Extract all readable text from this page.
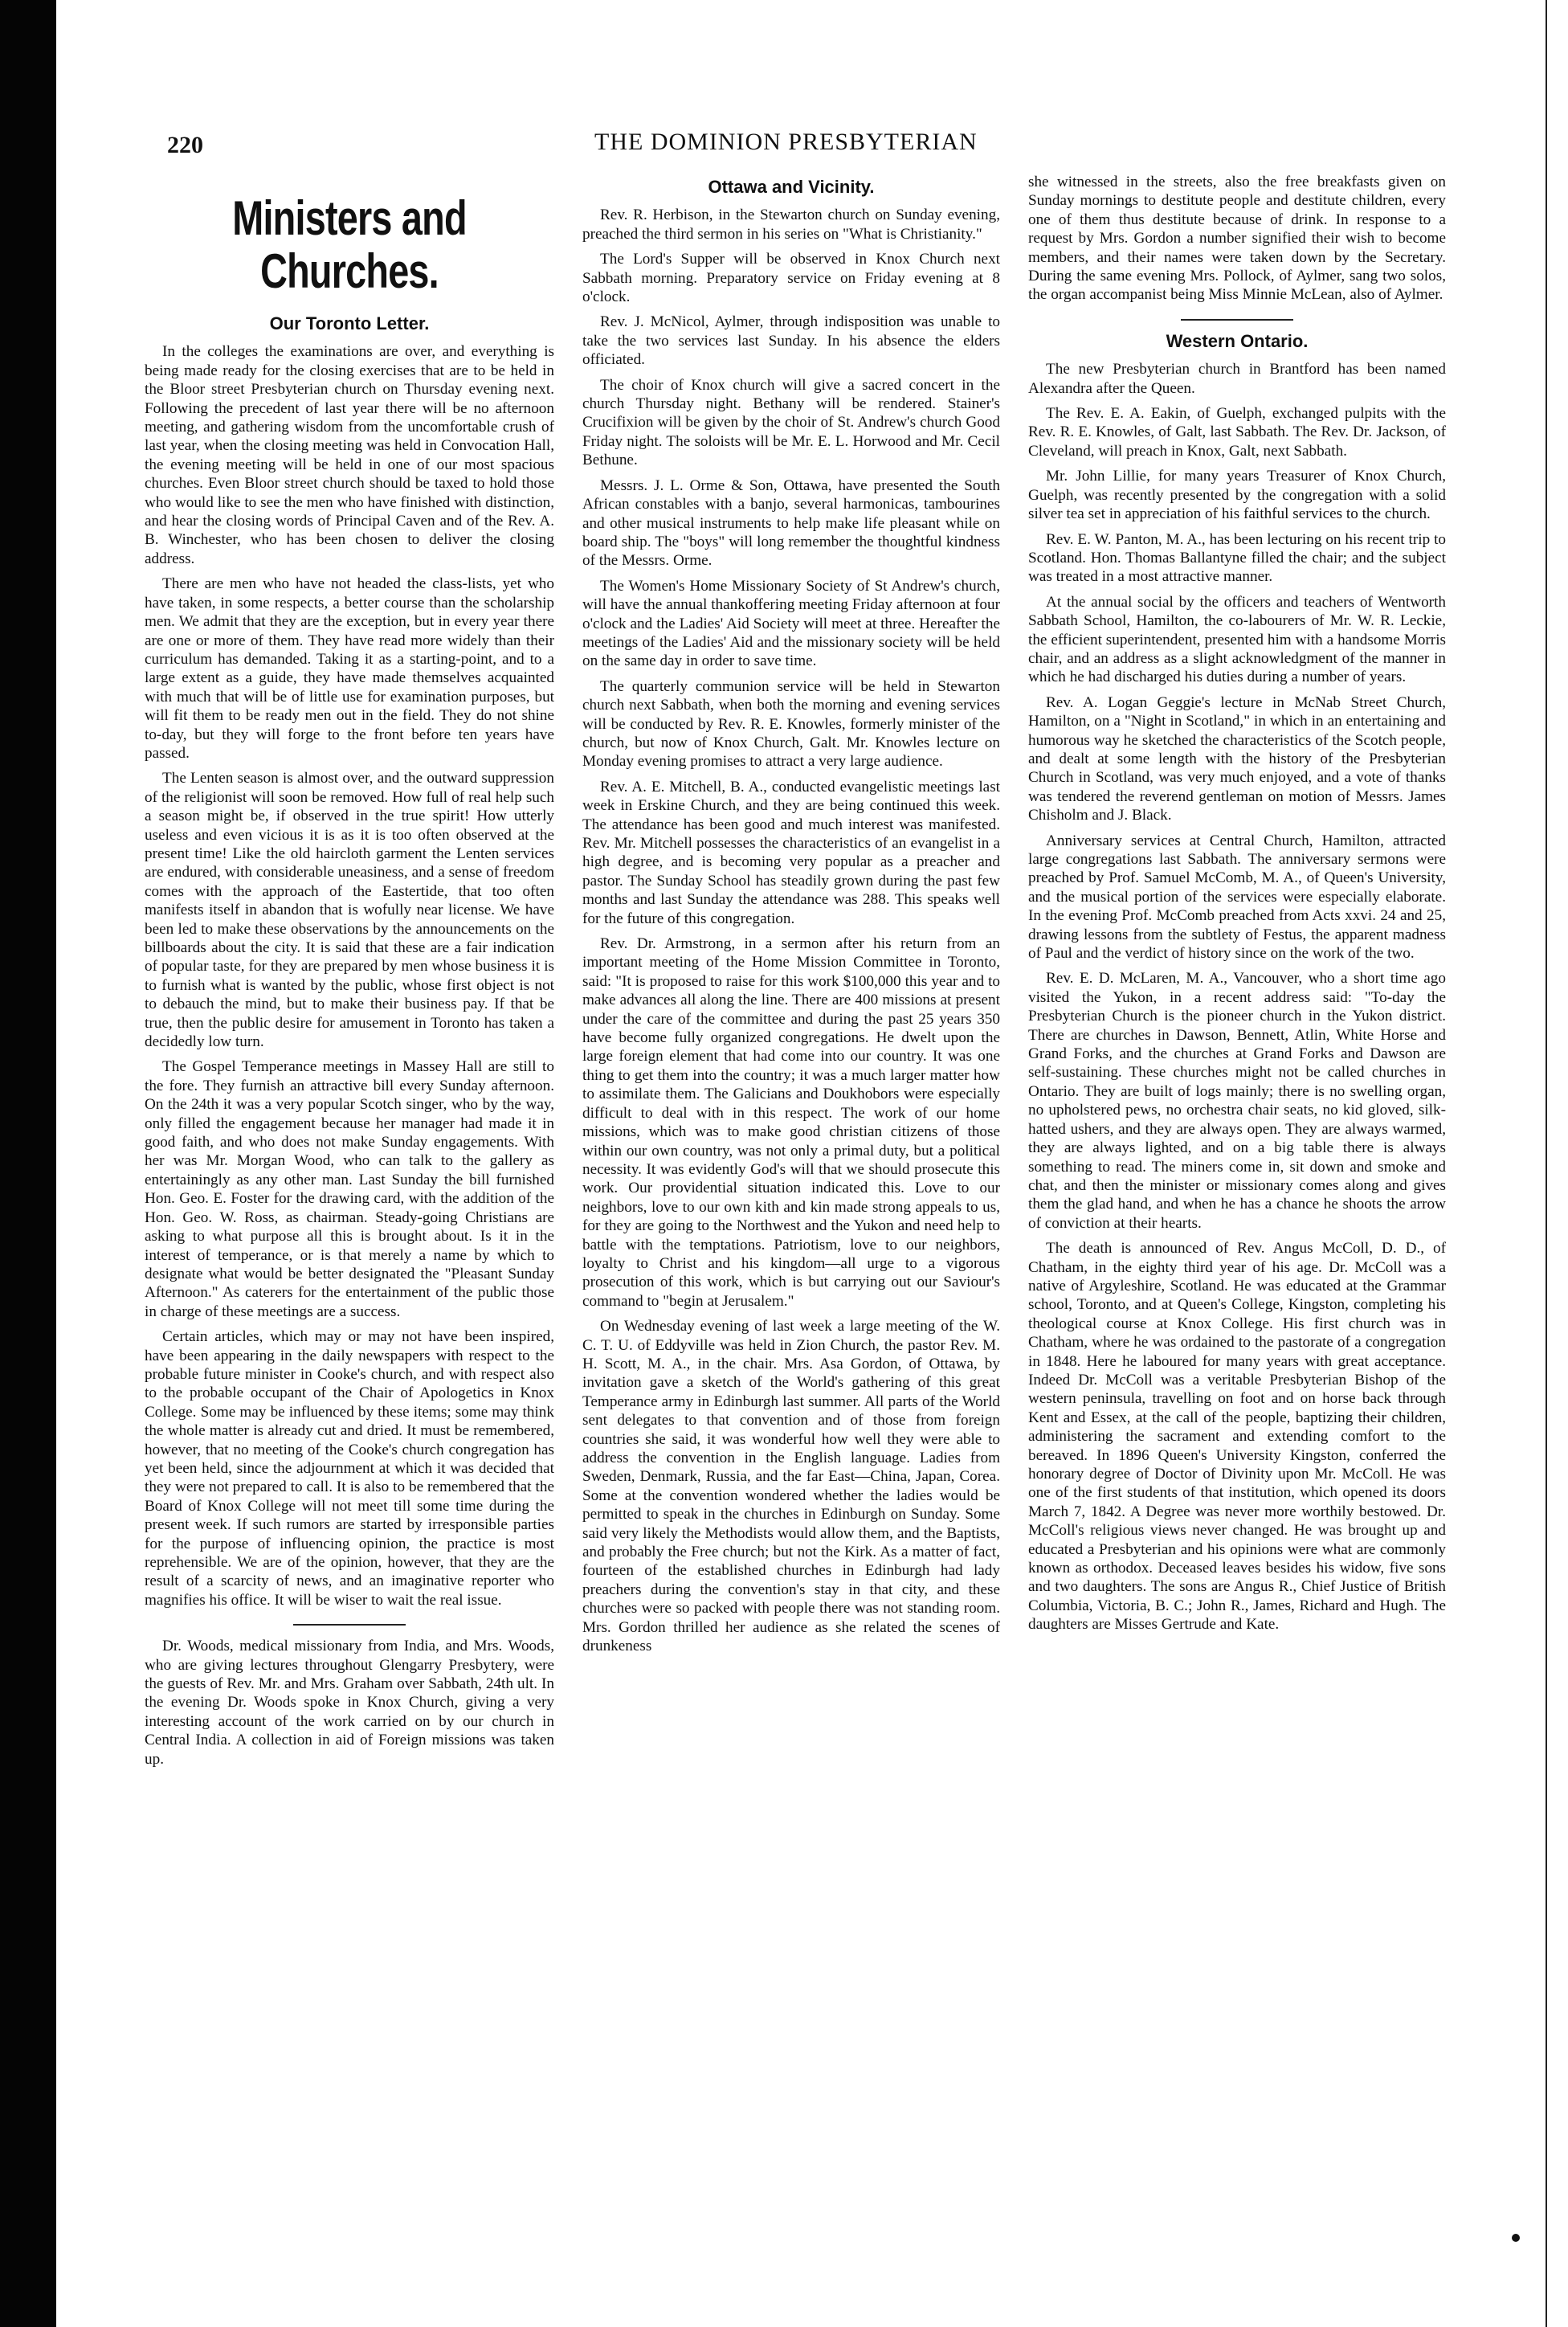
220	THE DOMINION PRESBYTERIAN
Ministers and Churches.
Our Toronto Letter.

In the colleges the examinations are over, and everything is being made ready for the closing exercises that are to be held in the Bloor street Presbyterian church on Thursday evening next. Following the precedent of last year there will be no afternoon meeting, and gathering wisdom from the uncomfortable crush of last year, when the closing meeting was held in Convocation Hall, the evening meeting will be held in one of our most spacious churches. Even Bloor street church should be taxed to hold those who would like to see the men who have finished with distinction, and hear the closing words of Principal Caven and of the Rev. A. B. Winchester, who has been chosen to deliver the closing address.

There are men who have not headed the class-lists, yet who have taken, in some respects, a better course than the scholarship men. We admit that they are the exception, but in every year there are one or more of them. They have read more widely than their curriculum has demanded. Taking it as a starting-point, and to a large extent as a guide, they have made themselves acquainted with much that will be of little use for examination purposes, but will fit them to be ready men out in the field. They do not shine to-day, but they will forge to the front before ten years have passed.

The Lenten season is almost over, and the outward suppression of the religionist will soon be removed. How full of real help such a season might be, if observed in the true spirit! How utterly useless and even vicious it is as it is too often observed at the present time! Like the old haircloth garment the Lenten services are endured, with considerable uneasiness, and a sense of freedom comes with the approach of the Eastertide, that too often manifests itself in abandon that is wofully near license. We have been led to make these observations by the announcements on the billboards about the city. It is said that these are a fair indication of popular taste, for they are prepared by men whose business it is to furnish what is wanted by the public, whose first object is not to debauch the mind, but to make their business pay. If that be true, then the public desire for amusement in Toronto has taken a decidedly low turn.

The Gospel Temperance meetings in Massey Hall are still to the fore. They furnish an attractive bill every Sunday afternoon. On the 24th it was a very popular Scotch singer, who by the way, only filled the engagement because her manager had made it in good faith, and who does not make Sunday engagements. With her was Mr. Morgan Wood, who can talk to the gallery as entertainingly as any other man. Last Sunday the bill furnished Hon. Geo. E. Foster for the drawing card, with the addition of the Hon. Geo. W. Ross, as chairman. Steady-going Christians are asking to what purpose all this is brought about. Is it in the interest of temperance, or is that merely a name by which to designate what would be better designated the "Pleasant Sunday Afternoon." As caterers for the entertainment of the public those in charge of these meetings are a success.

Certain articles, which may or may not have been inspired, have been appearing in the daily newspapers with respect to the probable future minister in Cooke's church, and with respect also to the probable occupant of the Chair of Apologetics in Knox College. Some may be influenced by these items; some may think the whole matter is already cut and dried. It must be remembered, however, that no meeting of the Cooke's church congregation has yet been held, since the adjournment at which it was decided that they were not prepared to call. It is also to be remembered that the Board of Knox College will not meet till some time during the present week. If such rumors are started by irresponsible parties for the purpose of influencing opinion, the practice is most reprehensible. We are of the opinion, however, that they are the result of a scarcity of news, and an imaginative reporter who magnifies his office. It will be wiser to wait the real issue.

Dr. Woods, medical missionary from India, and Mrs. Woods, who are giving lectures throughout Glengarry Presbytery, were the guests of Rev. Mr. and Mrs. Graham over Sabbath, 24th ult. In the evening Dr. Woods spoke in Knox Church, giving a very interesting account of the work carried on by our church in Central India. A collection in aid of Foreign missions was taken up.

Ottawa and Vicinity.

Rev. R. Herbison, in the Stewarton church on Sunday evening, preached the third sermon in his series on "What is Christianity."

The Lord's Supper will be observed in Knox Church next Sabbath morning. Preparatory service on Friday evening at 8 o'clock.

Rev. J. McNicol, Aylmer, through indisposition was unable to take the two services last Sunday. In his absence the elders officiated.

The choir of Knox church will give a sacred concert in the church Thursday night. Bethany will be rendered. Stainer's Crucifixion will be given by the choir of St. Andrew's church Good Friday night. The soloists will be Mr. E. L. Horwood and Mr. Cecil Bethune.

Messrs. J. L. Orme & Son, Ottawa, have presented the South African constables with a banjo, several harmonicas, tambourines and other musical instruments to help make life pleasant while on board ship. The "boys" will long remember the thoughtful kindness of the Messrs. Orme.

The Women's Home Missionary Society of St Andrew's church, will have the annual thankoffering meeting Friday afternoon at four o'clock and the Ladies' Aid Society will meet at three. Hereafter the meetings of the Ladies' Aid and the missionary society will be held on the same day in order to save time.

The quarterly communion service will be held in Stewarton church next Sabbath, when both the morning and evening services will be conducted by Rev. R. E. Knowles, formerly minister of the church, but now of Knox Church, Galt. Mr. Knowles lecture on Monday evening promises to attract a very large audience.

Rev. A. E. Mitchell, B. A., conducted evangelistic meetings last week in Erskine Church, and they are being continued this week. The attendance has been good and much interest was manifested. Rev. Mr. Mitchell possesses the characteristics of an evangelist in a high degree, and is becoming very popular as a preacher and pastor. The Sunday School has steadily grown during the past few months and last Sunday the attendance was 288. This speaks well for the future of this congregation.

Rev. Dr. Armstrong, in a sermon after his return from an important meeting of the Home Mission Committee in Toronto, said: "It is proposed to raise for this work $100,000 this year and to make advances all along the line. There are 400 missions at present under the care of the committee and during the past 25 years 350 have become fully organized congregations. He dwelt upon the large foreign element that had come into our country. It was one thing to get them into the country; it was a much larger matter how to assimilate them. The Galicians and Doukhobors were especially difficult to deal with in this respect. The work of our home missions, which was to make good christian citizens of those within our own country, was not only a primal duty, but a political necessity. It was evidently God's will that we should prosecute this work. Our providential situation indicated this. Love to our neighbors, love to our own kith and kin made strong appeals to us, for they are going to the Northwest and the Yukon and need help to battle with the temptations. Patriotism, love to our neighbors, loyalty to Christ and his kingdom—all urge to a vigorous prosecution of this work, which is but carrying out our Saviour's command to "begin at Jerusalem."

On Wednesday evening of last week a large meeting of the W. C. T. U. of Eddyville was held in Zion Church, the pastor Rev. M. H. Scott, M. A., in the chair. Mrs. Asa Gordon, of Ottawa, by invitation gave a sketch of the World's gathering of this great Temperance army in Edinburgh last summer. All parts of the World sent delegates to that convention and of those from foreign countries she said, it was wonderful how well they were able to address the convention in the English language. Ladies from Sweden, Denmark, Russia, and the far East—China, Japan, Corea. Some at the convention wondered whether the ladies would be permitted to speak in the churches in Edinburgh on Sunday. Some said very likely the Methodists would allow them, and the Baptists, and probably the Free church; but not the Kirk. As a matter of fact, fourteen of the established churches in Edinburgh had lady preachers during the convention's stay in that city, and these churches were so packed with people there was not standing room. Mrs. Gordon thrilled her audience as she related the scenes of drunkeness

she witnessed in the streets, also the free breakfasts given on Sunday mornings to destitute people and destitute children, every one of them thus destitute because of drink. In response to a request by Mrs. Gordon a number signified their wish to become members, and their names were taken down by the Secretary. During the same evening Mrs. Pollock, of Aylmer, sang two solos, the organ accompanist being Miss Minnie McLean, also of Aylmer.

Western Ontario.

The new Presbyterian church in Brantford has been named Alexandra after the Queen.

The Rev. E. A. Eakin, of Guelph, exchanged pulpits with the Rev. R. E. Knowles, of Galt, last Sabbath. The Rev. Dr. Jackson, of Cleveland, will preach in Knox, Galt, next Sabbath.

Mr. John Lillie, for many years Treasurer of Knox Church, Guelph, was recently presented by the congregation with a solid silver tea set in appreciation of his faithful services to the church.

Rev. E. W. Panton, M. A., has been lecturing on his recent trip to Scotland. Hon. Thomas Ballantyne filled the chair; and the subject was treated in a most attractive manner.

At the annual social by the officers and teachers of Wentworth Sabbath School, Hamilton, the co-labourers of Mr. W. R. Leckie, the efficient superintendent, presented him with a handsome Morris chair, and an address as a slight acknowledgment of the manner in which he had discharged his duties during a number of years.

Rev. A. Logan Geggie's lecture in McNab Street Church, Hamilton, on a "Night in Scotland," in which in an entertaining and humorous way he sketched the characteristics of the Scotch people, and dealt at some length with the history of the Presbyterian Church in Scotland, was very much enjoyed, and a vote of thanks was tendered the reverend gentleman on motion of Messrs. James Chisholm and J. Black.

Anniversary services at Central Church, Hamilton, attracted large congregations last Sabbath. The anniversary sermons were preached by Prof. Samuel McComb, M. A., of Queen's University, and the musical portion of the services were especially elaborate. In the evening Prof. McComb preached from Acts xxvi. 24 and 25, drawing lessons from the subtlety of Festus, the apparent madness of Paul and the verdict of history since on the work of the two.

Rev. E. D. McLaren, M. A., Vancouver, who a short time ago visited the Yukon, in a recent address said: "To-day the Presbyterian Church is the pioneer church in the Yukon district. There are churches in Dawson, Bennett, Atlin, White Horse and Grand Forks, and the churches at Grand Forks and Dawson are self-sustaining. These churches might not be called churches in Ontario. They are built of logs mainly; there is no swelling organ, no upholstered pews, no orchestra chair seats, no kid gloved, silk-hatted ushers, and they are always open. They are always warmed, they are always lighted, and on a big table there is always something to read. The miners come in, sit down and smoke and chat, and then the minister or missionary comes along and gives them the glad hand, and when he has a chance he shoots the arrow of conviction at their hearts.

The death is announced of Rev. Angus McColl, D. D., of Chatham, in the eighty third year of his age. Dr. McColl was a native of Argyleshire, Scotland. He was educated at the Grammar school, Toronto, and at Queen's College, Kingston, completing his theological course at Knox College. His first church was in Chatham, where he was ordained to the pastorate of a congregation in 1848. Here he laboured for many years with great acceptance. Indeed Dr. McColl was a veritable Presbyterian Bishop of the western peninsula, travelling on foot and on horse back through Kent and Essex, at the call of the people, baptizing their children, administering the sacrament and extending comfort to the bereaved. In 1896 Queen's University Kingston, conferred the honorary degree of Doctor of Divinity upon Mr. McColl. He was one of the first students of that institution, which opened its doors March 7, 1842. A Degree was never more worthily bestowed. Dr. McColl's religious views never changed. He was brought up and educated a Presbyterian and his opinions were what are commonly known as orthodox. Deceased leaves besides his widow, five sons and two daughters. The sons are Angus R., Chief Justice of British Columbia, Victoria, B. C.; John R., James, Richard and Hugh. The daughters are Misses Gertrude and Kate.
